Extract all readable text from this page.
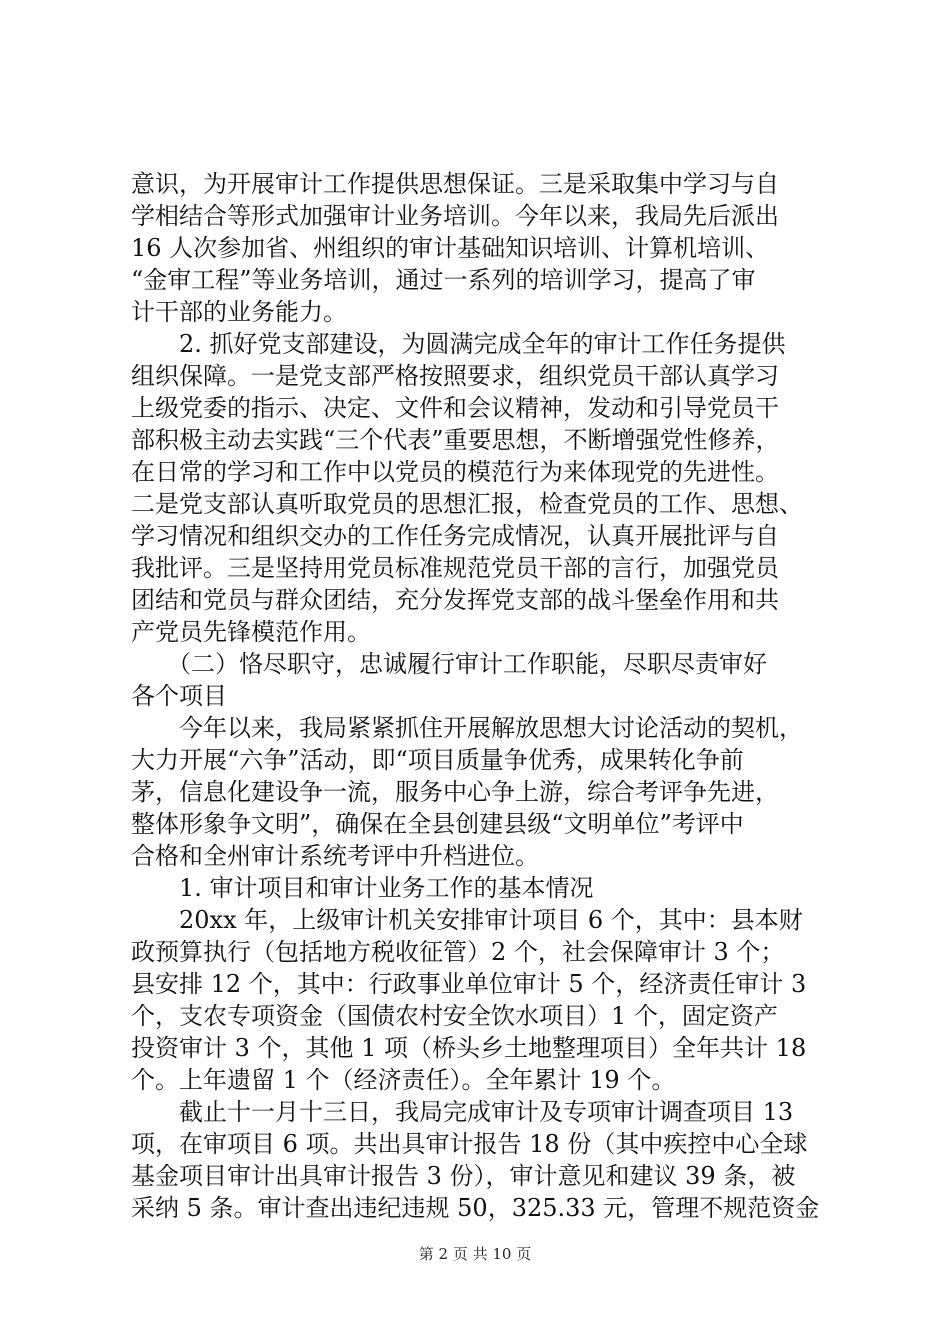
意识，为开展审计工作提供思想保证。三是采取集中学习与自
学相结合等形式加强审计业务培训。今年以来，我局先后派出
16 人次参加省、州组织的审计基础知识培训、计算机培训、
“金审工程”等业务培训，通过一系列的培训学习，提高了审
计干部的业务能力。
　　2. 抓好党支部建设，为圆满完成全年的审计工作任务提供
组织保障。一是党支部严格按照要求，组织党员干部认真学习
上级党委的指示、决定、文件和会议精神，发动和引导党员干
部积极主动去实践“三个代表”重要思想，不断增强党性修养，
在日常的学习和工作中以党员的模范行为来体现党的先进性。
二是党支部认真听取党员的思想汇报，检查党员的工作、思想、
学习情况和组织交办的工作任务完成情况，认真开展批评与自
我批评。三是坚持用党员标准规范党员干部的言行，加强党员
团结和党员与群众团结，充分发挥党支部的战斗堡垒作用和共
产党员先锋模范作用。
　　（二）恪尽职守，忠诚履行审计工作职能，尽职尽责审好
各个项目
　　今年以来，我局紧紧抓住开展解放思想大讨论活动的契机，
大力开展“六争”活动，即“项目质量争优秀，成果转化争前
茅，信息化建设争一流，服务中心争上游，综合考评争先进，
整体形象争文明”，确保在全县创建县级“文明单位”考评中
合格和全州审计系统考评中升档进位。
　　1. 审计项目和审计业务工作的基本情况
　　20xx 年，上级审计机关安排审计项目 6 个，其中：县本财
政预算执行（包括地方税收征管）2 个，社会保障审计 3 个；
县安排 12 个，其中：行政事业单位审计 5 个，经济责任审计 3
个，支农专项资金（国债农村安全饮水项目）1 个，固定资产
投资审计 3 个，其他 1 项（桥头乡土地整理项目）全年共计 18
个。上年遗留 1 个（经济责任）。全年累计 19 个。
　　截止十一月十三日，我局完成审计及专项审计调查项目 13
项，在审项目 6 项。共出具审计报告 18 份（其中疾控中心全球
基金项目审计出具审计报告 3 份），审计意见和建议 39 条，被
采纳 5 条。审计查出违纪违规 50，325.33 元，管理不规范资金
第 2 页 共 10 页
